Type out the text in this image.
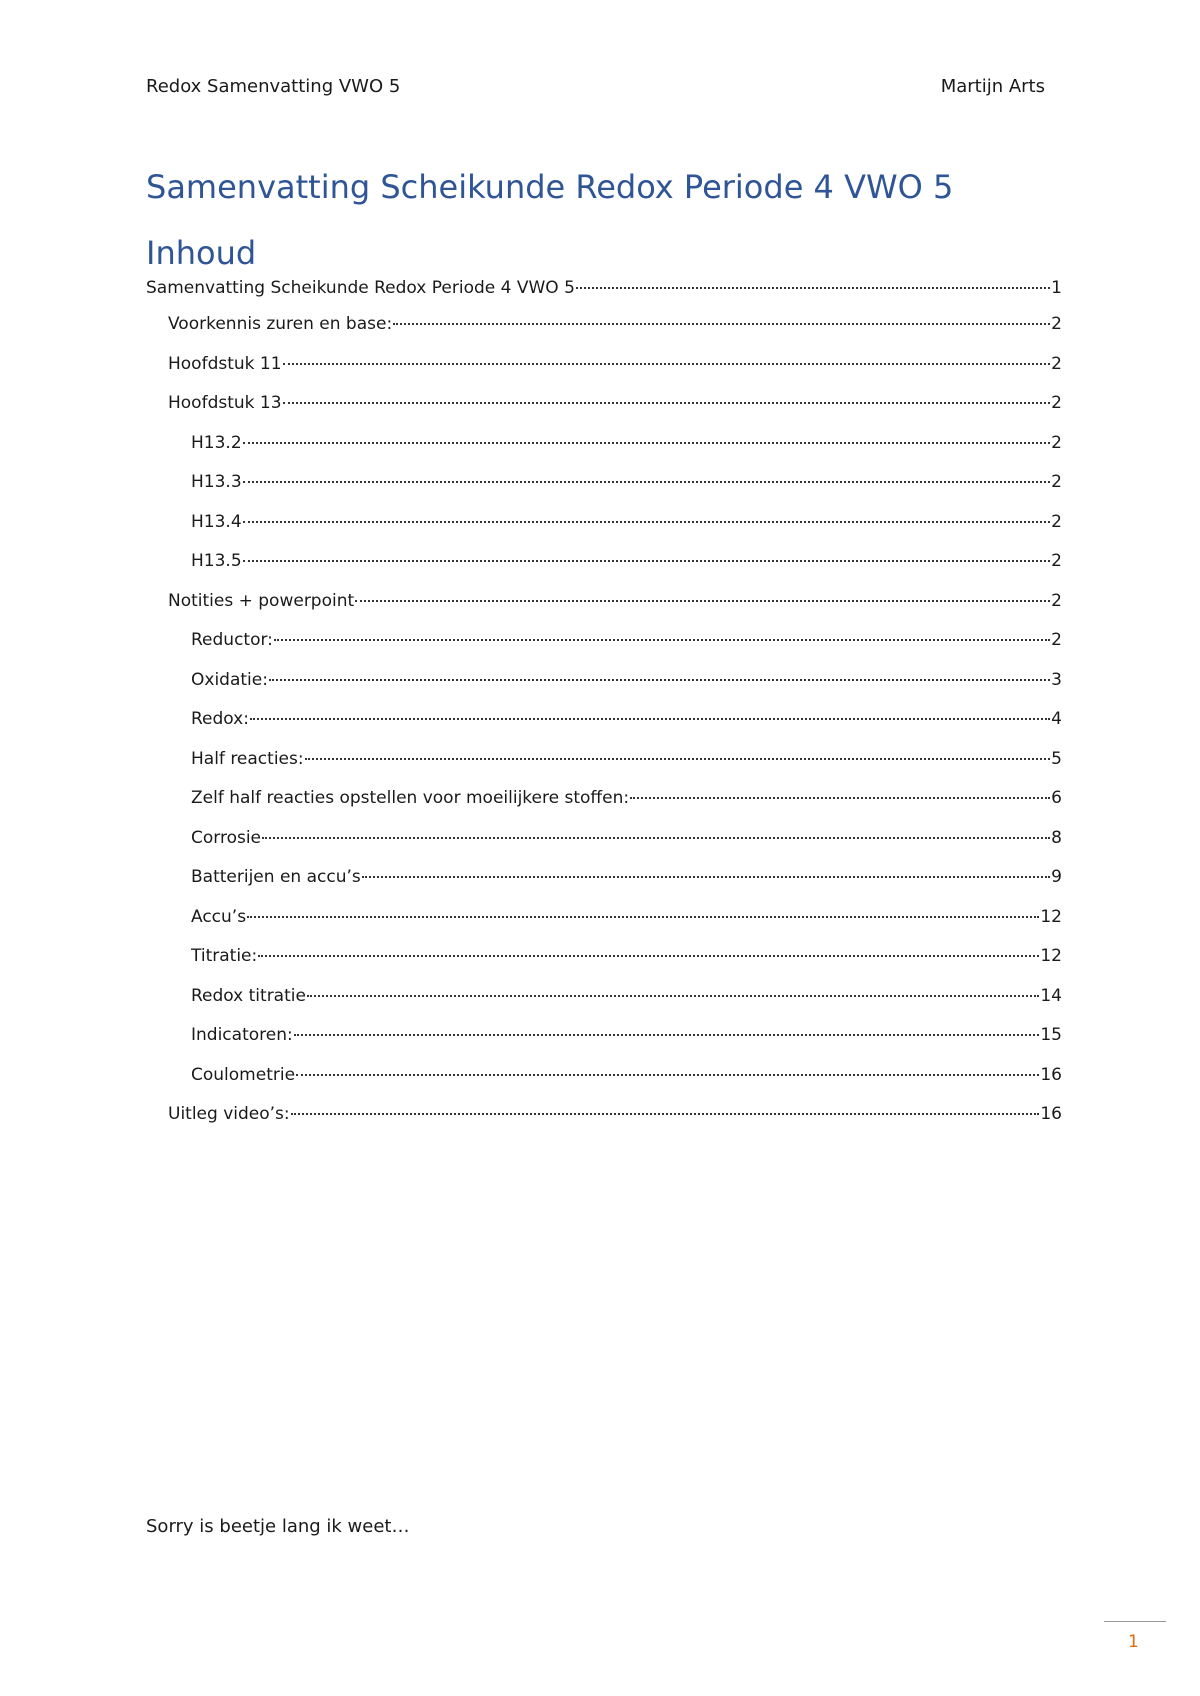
Redox Samenvatting VWO 5	Martijn Arts
Samenvatting Scheikunde Redox Periode 4 VWO 5
Inhoud
Samenvatting Scheikunde Redox Periode 4 VWO 5	1
Voorkennis zuren en base:	2
Hoofdstuk 11	2
Hoofdstuk 13	2
H13.2	2
H13.3	2
H13.4	2
H13.5	2
Notities + powerpoint	2
Reductor:	2
Oxidatie:	3
Redox:	4
Half reacties:	5
Zelf half reacties opstellen voor moeilijkere stoffen:	6
Corrosie	8
Batterijen en accu’s	9
Accu’s	12
Titratie:	12
Redox titratie	14
Indicatoren:	15
Coulometrie	16
Uitleg video’s:	16
Sorry is beetje lang ik weet…
1
